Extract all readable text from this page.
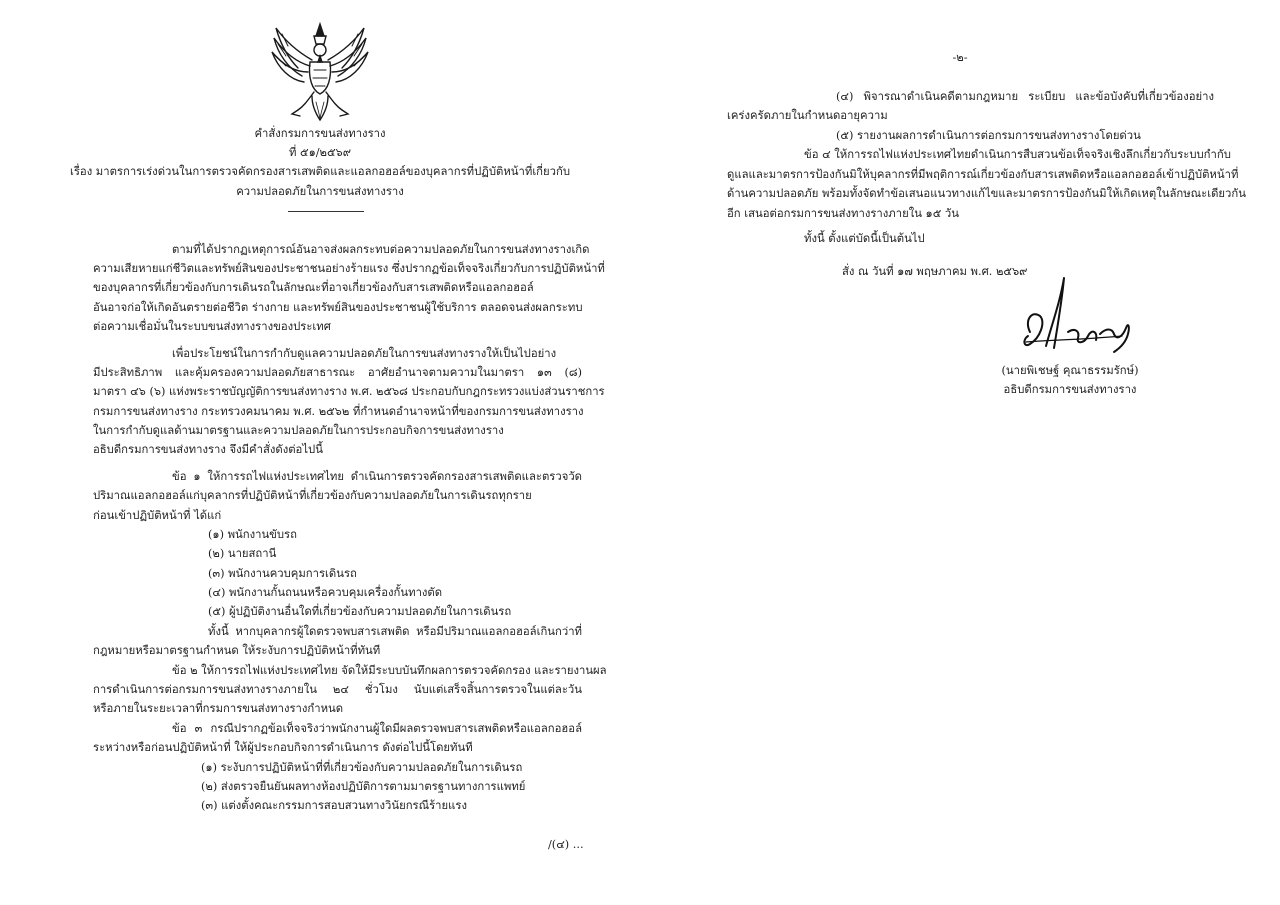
คำสั่งกรมการขนส่งทางราง
ที่ ๕๑/๒๕๖๙
เรื่อง มาตรการเร่งด่วนในการตรวจคัดกรองสารเสพติดและแอลกอฮอล์ของบุคลากรที่ปฏิบัติหน้าที่เกี่ยวกับ
ความปลอดภัยในการขนส่งทางราง
ตามที่ได้ปรากฏเหตุการณ์อันอาจส่งผลกระทบต่อความปลอดภัยในการขนส่งทางรางเกิด
ความเสียหายแก่ชีวิตและทรัพย์สินของประชาชนอย่างร้ายแรง ซึ่งปรากฏข้อเท็จจริงเกี่ยวกับการปฏิบัติหน้าที่
ของบุคลากรที่เกี่ยวข้องกับการเดินรถในลักษณะที่อาจเกี่ยวข้องกับสารเสพติดหรือแอลกอฮอล์
อันอาจก่อให้เกิดอันตรายต่อชีวิต ร่างกาย และทรัพย์สินของประชาชนผู้ใช้บริการ ตลอดจนส่งผลกระทบ
ต่อความเชื่อมั่นในระบบขนส่งทางรางของประเทศ
เพื่อประโยชน์ในการกำกับดูแลความปลอดภัยในการขนส่งทางรางให้เป็นไปอย่าง
มีประสิทธิภาพ และคุ้มครองความปลอดภัยสาธารณะ อาศัยอำนาจตามความในมาตรา ๑๓ (๘)
มาตรา ๔๖ (๖) แห่งพระราชบัญญัติการขนส่งทางราง พ.ศ. ๒๕๖๘ ประกอบกับกฎกระทรวงแบ่งส่วนราชการ
กรมการขนส่งทางราง กระทรวงคมนาคม พ.ศ. ๒๕๖๒ ที่กำหนดอำนาจหน้าที่ของกรมการขนส่งทางราง
ในการกำกับดูแลด้านมาตรฐานและความปลอดภัยในการประกอบกิจการขนส่งทางราง
อธิบดีกรมการขนส่งทางราง จึงมีคำสั่งดังต่อไปนี้
ข้อ ๑ ให้การรถไฟแห่งประเทศไทย ดำเนินการตรวจคัดกรองสารเสพติดและตรวจวัด
ปริมาณแอลกอฮอล์แก่บุคลากรที่ปฏิบัติหน้าที่เกี่ยวข้องกับความปลอดภัยในการเดินรถทุกราย
ก่อนเข้าปฏิบัติหน้าที่ ได้แก่
(๑) พนักงานขับรถ
(๒) นายสถานี
(๓) พนักงานควบคุมการเดินรถ
(๔) พนักงานกั้นถนนหรือควบคุมเครื่องกั้นทางตัด
(๕) ผู้ปฏิบัติงานอื่นใดที่เกี่ยวข้องกับความปลอดภัยในการเดินรถ
ทั้งนี้ หากบุคลากรผู้ใดตรวจพบสารเสพติด หรือมีปริมาณแอลกอฮอล์เกินกว่าที่
กฎหมายหรือมาตรฐานกำหนด ให้ระงับการปฏิบัติหน้าที่ทันที
ข้อ ๒ ให้การรถไฟแห่งประเทศไทย จัดให้มีระบบบันทึกผลการตรวจคัดกรอง และรายงานผล
การดำเนินการต่อกรมการขนส่งทางรางภายใน ๒๔ ชั่วโมง นับแต่เสร็จสิ้นการตรวจในแต่ละวัน
หรือภายในระยะเวลาที่กรมการขนส่งทางรางกำหนด
ข้อ ๓ กรณีปรากฏข้อเท็จจริงว่าพนักงานผู้ใดมีผลตรวจพบสารเสพติดหรือแอลกอฮอล์
ระหว่างหรือก่อนปฏิบัติหน้าที่ ให้ผู้ประกอบกิจการดำเนินการ ดังต่อไปนี้โดยทันที
(๑) ระงับการปฏิบัติหน้าที่ที่เกี่ยวข้องกับความปลอดภัยในการเดินรถ
(๒) ส่งตรวจยืนยันผลทางห้องปฏิบัติการตามมาตรฐานทางการแพทย์
(๓) แต่งตั้งคณะกรรมการสอบสวนทางวินัยกรณีร้ายแรง
/(๔) ...
-๒-
(๔) พิจารณาดำเนินคดีตามกฎหมาย ระเบียบ และข้อบังคับที่เกี่ยวข้องอย่าง
เคร่งครัดภายในกำหนดอายุความ
(๕) รายงานผลการดำเนินการต่อกรมการขนส่งทางรางโดยด่วน
ข้อ ๔ ให้การรถไฟแห่งประเทศไทยดำเนินการสืบสวนข้อเท็จจริงเชิงลึกเกี่ยวกับระบบกำกับ
ดูแลและมาตรการป้องกันมิให้บุคลากรที่มีพฤติการณ์เกี่ยวข้องกับสารเสพติดหรือแอลกอฮอล์เข้าปฏิบัติหน้าที่
ด้านความปลอดภัย พร้อมทั้งจัดทำข้อเสนอแนวทางแก้ไขและมาตรการป้องกันมิให้เกิดเหตุในลักษณะเดียวกัน
อีก เสนอต่อกรมการขนส่งทางรางภายใน ๑๕ วัน
ทั้งนี้ ตั้งแต่บัดนี้เป็นต้นไป
สั่ง ณ วันที่ ๑๗ พฤษภาคม พ.ศ. ๒๕๖๙
(นายพิเชษฐ์ คุณาธรรมรักษ์)
อธิบดีกรมการขนส่งทางราง
